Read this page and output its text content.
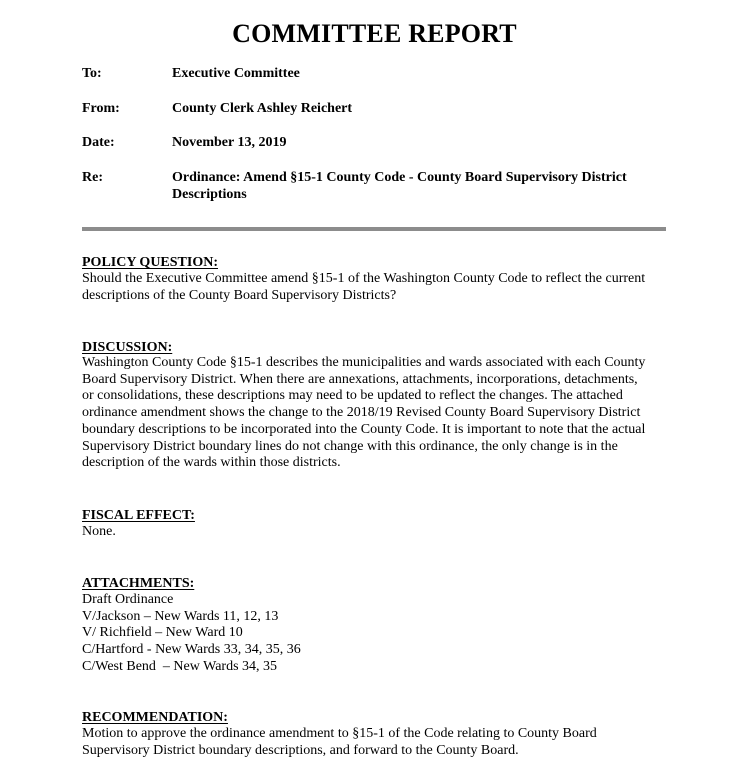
COMMITTEE REPORT
To:	Executive Committee
From:	County Clerk Ashley Reichert
Date:	November 13, 2019
Re:	Ordinance: Amend §15-1 County Code - County Board Supervisory District
Descriptions
POLICY QUESTION:
Should the Executive Committee amend §15-1 of the Washington County Code to reflect the current
descriptions of the County Board Supervisory Districts?
DISCUSSION:
Washington County Code §15-1 describes the municipalities and wards associated with each County
Board Supervisory District. When there are annexations, attachments, incorporations, detachments,
or consolidations, these descriptions may need to be updated to reflect the changes. The attached
ordinance amendment shows the change to the 2018/19 Revised County Board Supervisory District
boundary descriptions to be incorporated into the County Code. It is important to note that the actual
Supervisory District boundary lines do not change with this ordinance, the only change is in the
description of the wards within those districts.
FISCAL EFFECT:
None.
ATTACHMENTS:
Draft Ordinance
V/Jackson – New Wards 11, 12, 13
V/ Richfield – New Ward 10
C/Hartford - New Wards 33, 34, 35, 36
C/West Bend  – New Wards 34, 35
RECOMMENDATION:
Motion to approve the ordinance amendment to §15-1 of the Code relating to County Board
Supervisory District boundary descriptions, and forward to the County Board.
